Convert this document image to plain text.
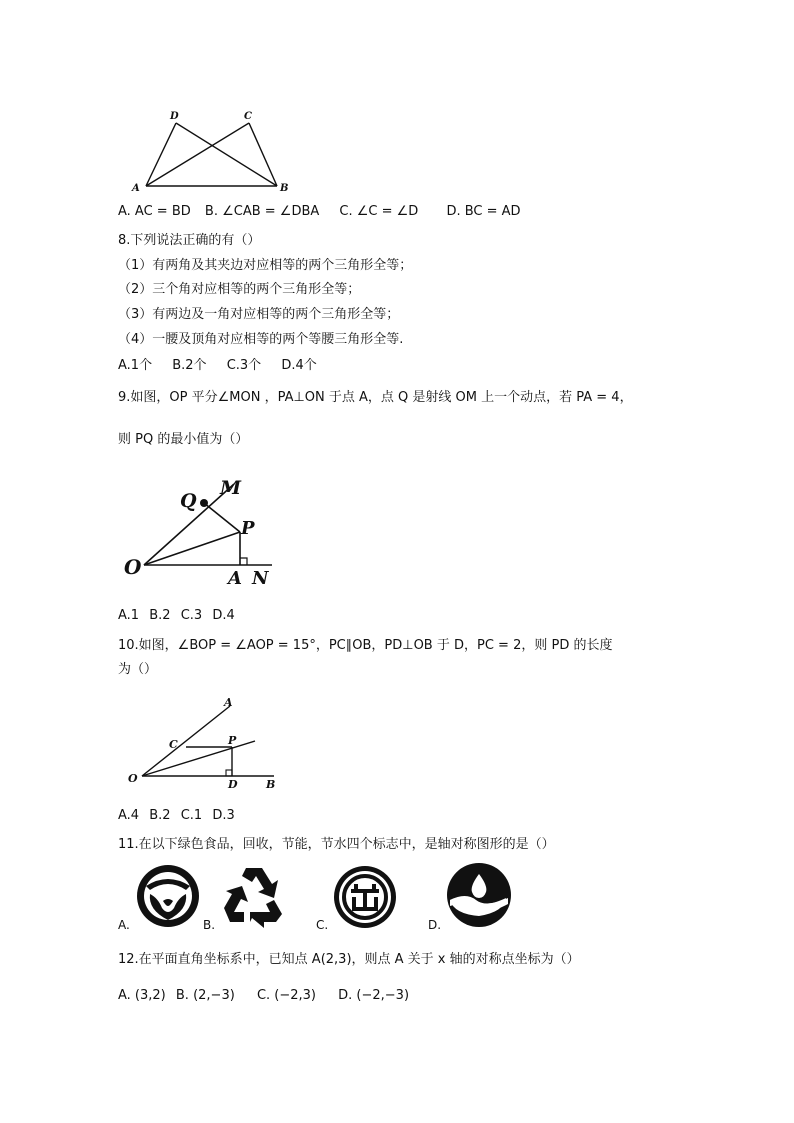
D	C
A	B
A. AC = BD B. ∠CAB = ∠DBA C. ∠C = ∠D D. BC = AD
8.下列说法正确的有（）
（1）有两角及其夹边对应相等的两个三角形全等；
（2）三个角对应相等的两个三角形全等；
（3）有两边及一角对应相等的两个三角形全等；
（4）一腰及顶角对应相等的两个等腰三角形全等.
A.1个 B.2个 C.3个 D.4个
9.如图，OP 平分∠MON ，PA⊥ON 于点 A，点 Q 是射线 OM 上一个动点，若 PA = 4，
则 PQ 的最小值为（）
Q
M
P
O	A N
A.1 B.2 C.3 D.4
10.如图，∠BOP = ∠AOP = 15°，PC∥OB，PD⊥OB 于 D，PC = 2，则 PD 的长度
为（）
A
C	P
O	D	B
A.4 B.2 C.1 D.3
11.在以下绿色食品，回收，节能，节水四个标志中，是轴对称图形的是（）
A.	B.	C.	D.
12.在平面直角坐标系中，已知点 A(2,3)，则点 A 关于 x 轴的对称点坐标为（）
A. (3,2) B. (2,−3) C. (−2,3) D. (−2,−3)
